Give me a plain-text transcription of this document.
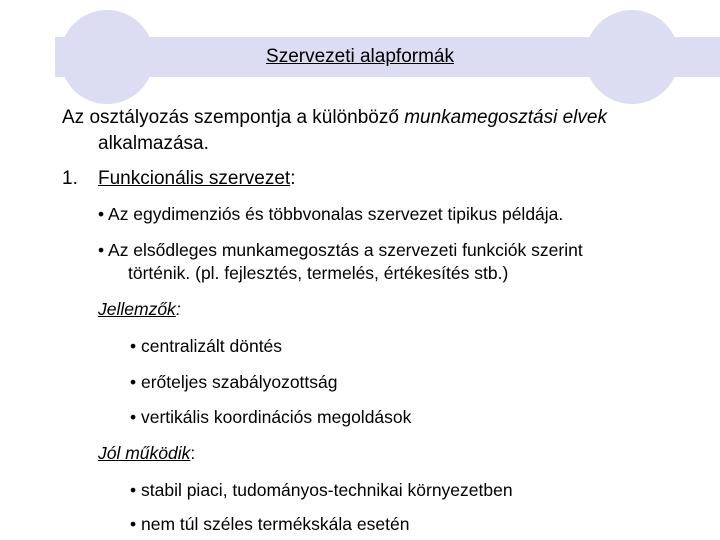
Szervezeti alapformák
Az osztályozás szempontja a különböző munkamegosztási elvek
alkalmazása.
1. Funkcionális szervezet:
• Az egydimenziós és többvonalas szervezet tipikus példája.
• Az elsődleges munkamegosztás a szervezeti funkciók szerint
történik. (pl. fejlesztés, termelés, értékesítés stb.)
Jellemzők:
• centralizált döntés
• erőteljes szabályozottság
• vertikális koordinációs megoldások
Jól működik:
• stabil piaci, tudományos-technikai környezetben
• nem túl széles termékskála esetén
